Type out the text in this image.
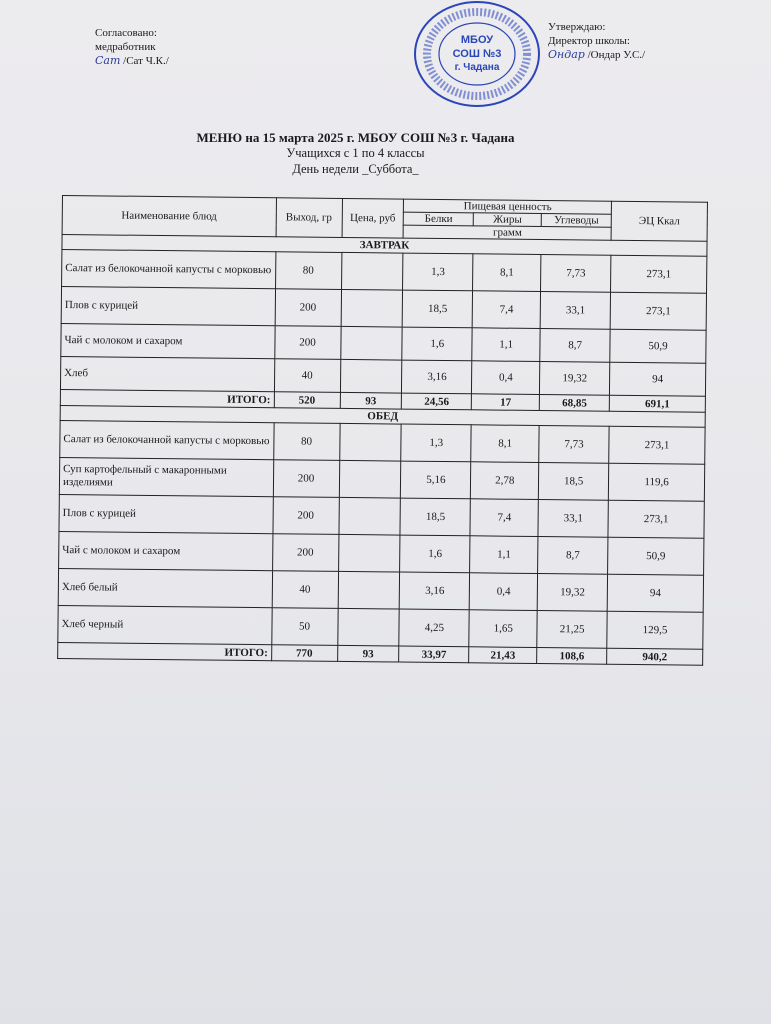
Согласовано:
медработник
Сат /Сат Ч.К./
МБОУ
СОШ №3
г. Чадана
Утверждаю:
Директор школы:
Ондар /Ондар У.С./
МЕНЮ на 15 марта 2025 г. МБОУ СОШ №3 г. Чадана
Учащихся с 1 по 4 классы
День недели _Суббота_
Наименование блюд	Выход, гр	Цена, руб	Пищевая ценность			ЭЦ Ккал
			Белки	Жиры	Углеводы	
			грамм			
ЗАВТРАК						
Салат из белокочанной капусты с морковью	80		1,3	8,1	7,73	273,1
Плов с курицей	200		18,5	7,4	33,1	273,1
Чай с молоком и сахаром	200		1,6	1,1	8,7	50,9
Хлеб	40		3,16	0,4	19,32	94
ИТОГО:	520	93	24,56	17	68,85	691,1
ОБЕД						
Салат из белокочанной капусты с морковью	80		1,3	8,1	7,73	273,1
Суп картофельный с макаронными изделиями	200		5,16	2,78	18,5	119,6
Плов с курицей	200		18,5	7,4	33,1	273,1
Чай с молоком и сахаром	200		1,6	1,1	8,7	50,9
Хлеб белый	40		3,16	0,4	19,32	94
Хлеб черный	50		4,25	1,65	21,25	129,5
ИТОГО:	770	93	33,97	21,43	108,6	940,2
